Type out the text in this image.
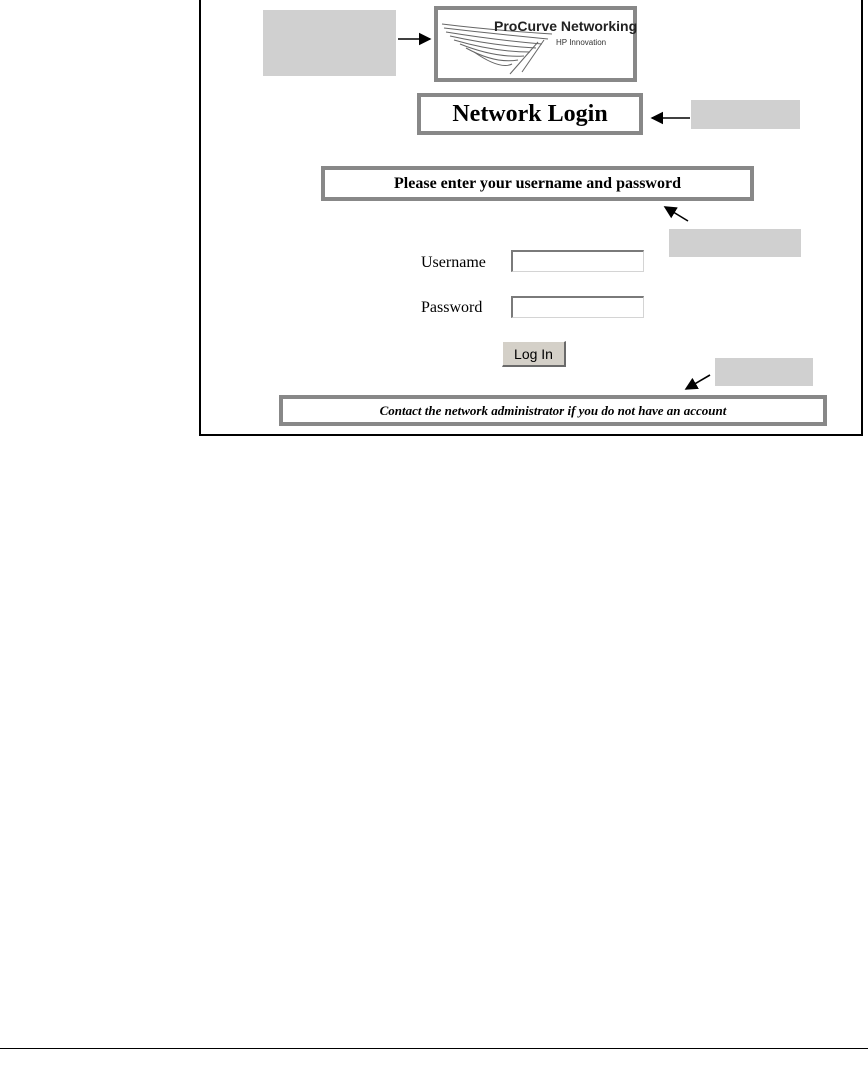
ProCurve Networking
HP Innovation
Network Login
Please enter your username and password
Username
Password
Log In
Contact the network administrator if you do not have an account
